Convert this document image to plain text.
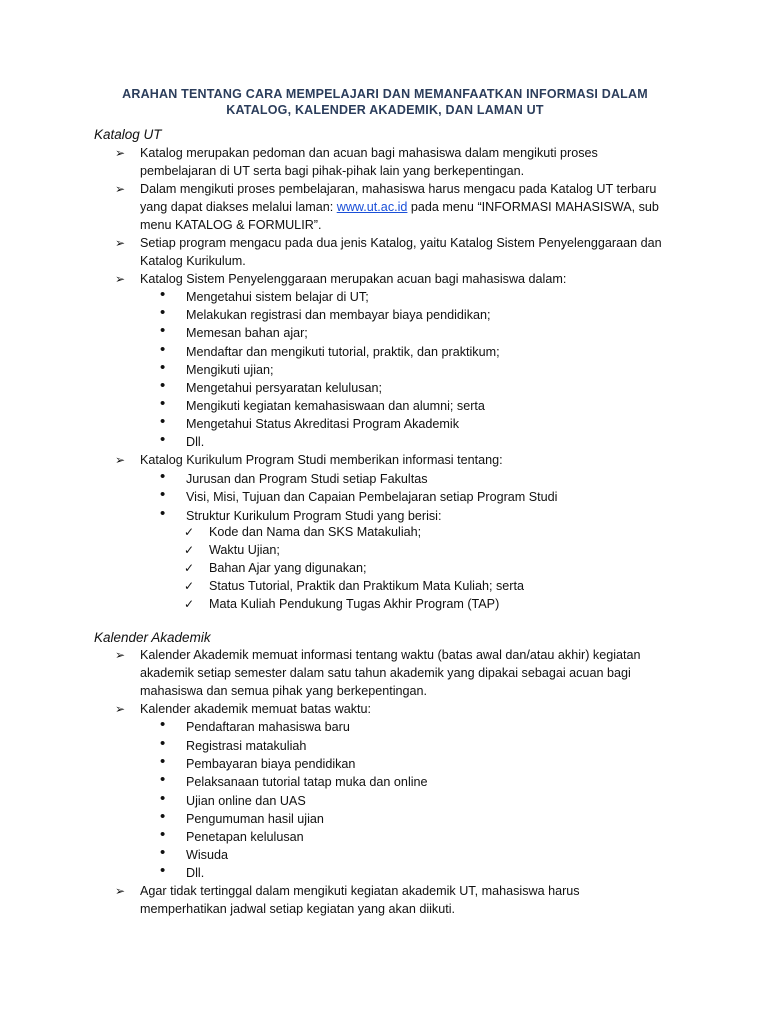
ARAHAN TENTANG CARA MEMPELAJARI DAN MEMANFAATKAN INFORMASI DALAM
KATALOG, KALENDER AKADEMIK, DAN LAMAN UT
Katalog UT
➢ Katalog merupakan pedoman dan acuan bagi mahasiswa dalam mengikuti proses
pembelajaran di UT serta bagi pihak-pihak lain yang berkepentingan.
➢ Dalam mengikuti proses pembelajaran, mahasiswa harus mengacu pada Katalog UT terbaru
yang dapat diakses melalui laman: www.ut.ac.id pada menu “INFORMASI MAHASISWA, sub
menu KATALOG & FORMULIR”.
➢ Setiap program mengacu pada dua jenis Katalog, yaitu Katalog Sistem Penyelenggaraan dan
Katalog Kurikulum.
➢ Katalog Sistem Penyelenggaraan merupakan acuan bagi mahasiswa dalam:
• Mengetahui sistem belajar di UT;
• Melakukan registrasi dan membayar biaya pendidikan;
• Memesan bahan ajar;
• Mendaftar dan mengikuti tutorial, praktik, dan praktikum;
• Mengikuti ujian;
• Mengetahui persyaratan kelulusan;
• Mengikuti kegiatan kemahasiswaan dan alumni; serta
• Mengetahui Status Akreditasi Program Akademik
• Dll.
➢ Katalog Kurikulum Program Studi memberikan informasi tentang:
• Jurusan dan Program Studi setiap Fakultas
• Visi, Misi, Tujuan dan Capaian Pembelajaran setiap Program Studi
• Struktur Kurikulum Program Studi yang berisi:
✓ Kode dan Nama dan SKS Matakuliah;
✓ Waktu Ujian;
✓ Bahan Ajar yang digunakan;
✓ Status Tutorial, Praktik dan Praktikum Mata Kuliah; serta
✓ Mata Kuliah Pendukung Tugas Akhir Program (TAP)
Kalender Akademik
➢ Kalender Akademik memuat informasi tentang waktu (batas awal dan/atau akhir) kegiatan
akademik setiap semester dalam satu tahun akademik yang dipakai sebagai acuan bagi
mahasiswa dan semua pihak yang berkepentingan.
➢ Kalender akademik memuat batas waktu:
• Pendaftaran mahasiswa baru
• Registrasi matakuliah
• Pembayaran biaya pendidikan
• Pelaksanaan tutorial tatap muka dan online
• Ujian online dan UAS
• Pengumuman hasil ujian
• Penetapan kelulusan
• Wisuda
• Dll.
➢ Agar tidak tertinggal dalam mengikuti kegiatan akademik UT, mahasiswa harus
memperhatikan jadwal setiap kegiatan yang akan diikuti.
